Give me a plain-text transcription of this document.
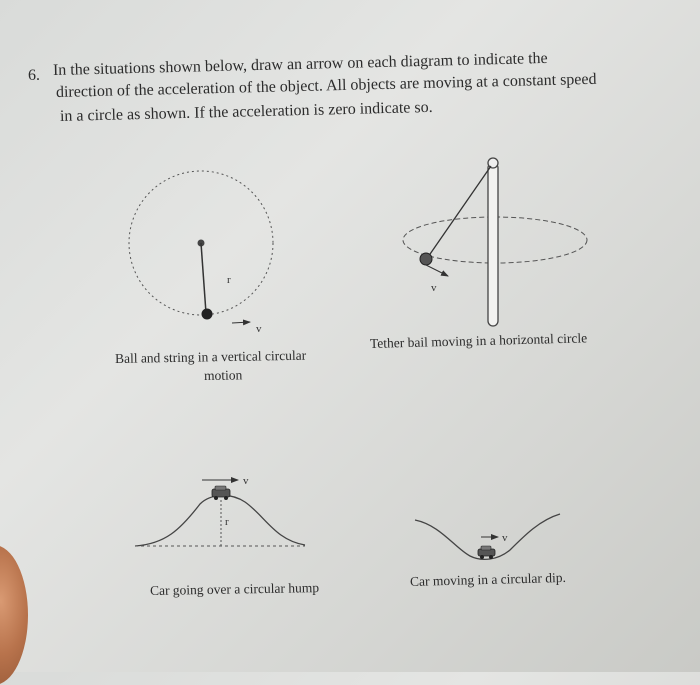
6. In the situations shown below, draw an arrow on each diagram to indicate the
direction of the acceleration of the object. All objects are moving at a constant speed
in a circle as shown. If the acceleration is zero indicate so.
r
v
v
r
v
v
Ball and string in a vertical circular
motion
Tether bail moving in a horizontal circle
Car going over a circular hump
Car moving in a circular dip.
